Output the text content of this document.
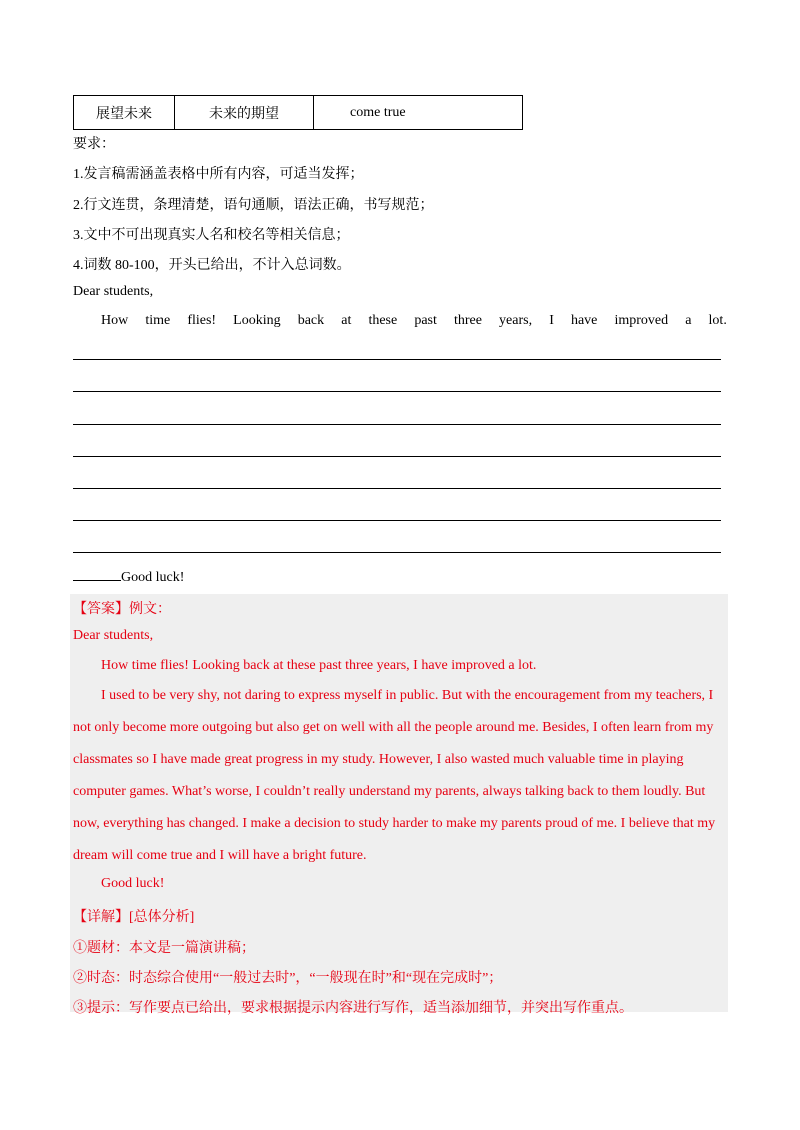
展望未来	未来的期望	come true
要求：
1.发言稿需涵盖表格中所有内容，可适当发挥；
2.行文连贯，条理清楚，语句通顺，语法正确，书写规范；
3.文中不可出现真实人名和校名等相关信息；
4.词数 80-100，开头已给出，不计入总词数。
Dear students,
How time flies! Looking back at these past three years, I have improved a lot.
Good luck!
【答案】例文：
Dear students,
How time flies! Looking back at these past three years, I have improved a lot.
I used to be very shy, not daring to express myself in public. But with the encouragement from my teachers, I not only become more outgoing but also get on well with all the people around me. Besides, I often learn from my classmates so I have made great progress in my study. However, I also wasted much valuable time in playing computer games. What’s worse, I couldn’t really understand my parents, always talking back to them loudly. But now, everything has changed. I make a decision to study harder to make my parents proud of me. I believe that my dream will come true and I will have a bright future.
Good luck!
【详解】[总体分析]
①题材：本文是一篇演讲稿；
②时态：时态综合使用“一般过去时”，“一般现在时”和“现在完成时”；
③提示：写作要点已给出，要求根据提示内容进行写作，适当添加细节，并突出写作重点。
